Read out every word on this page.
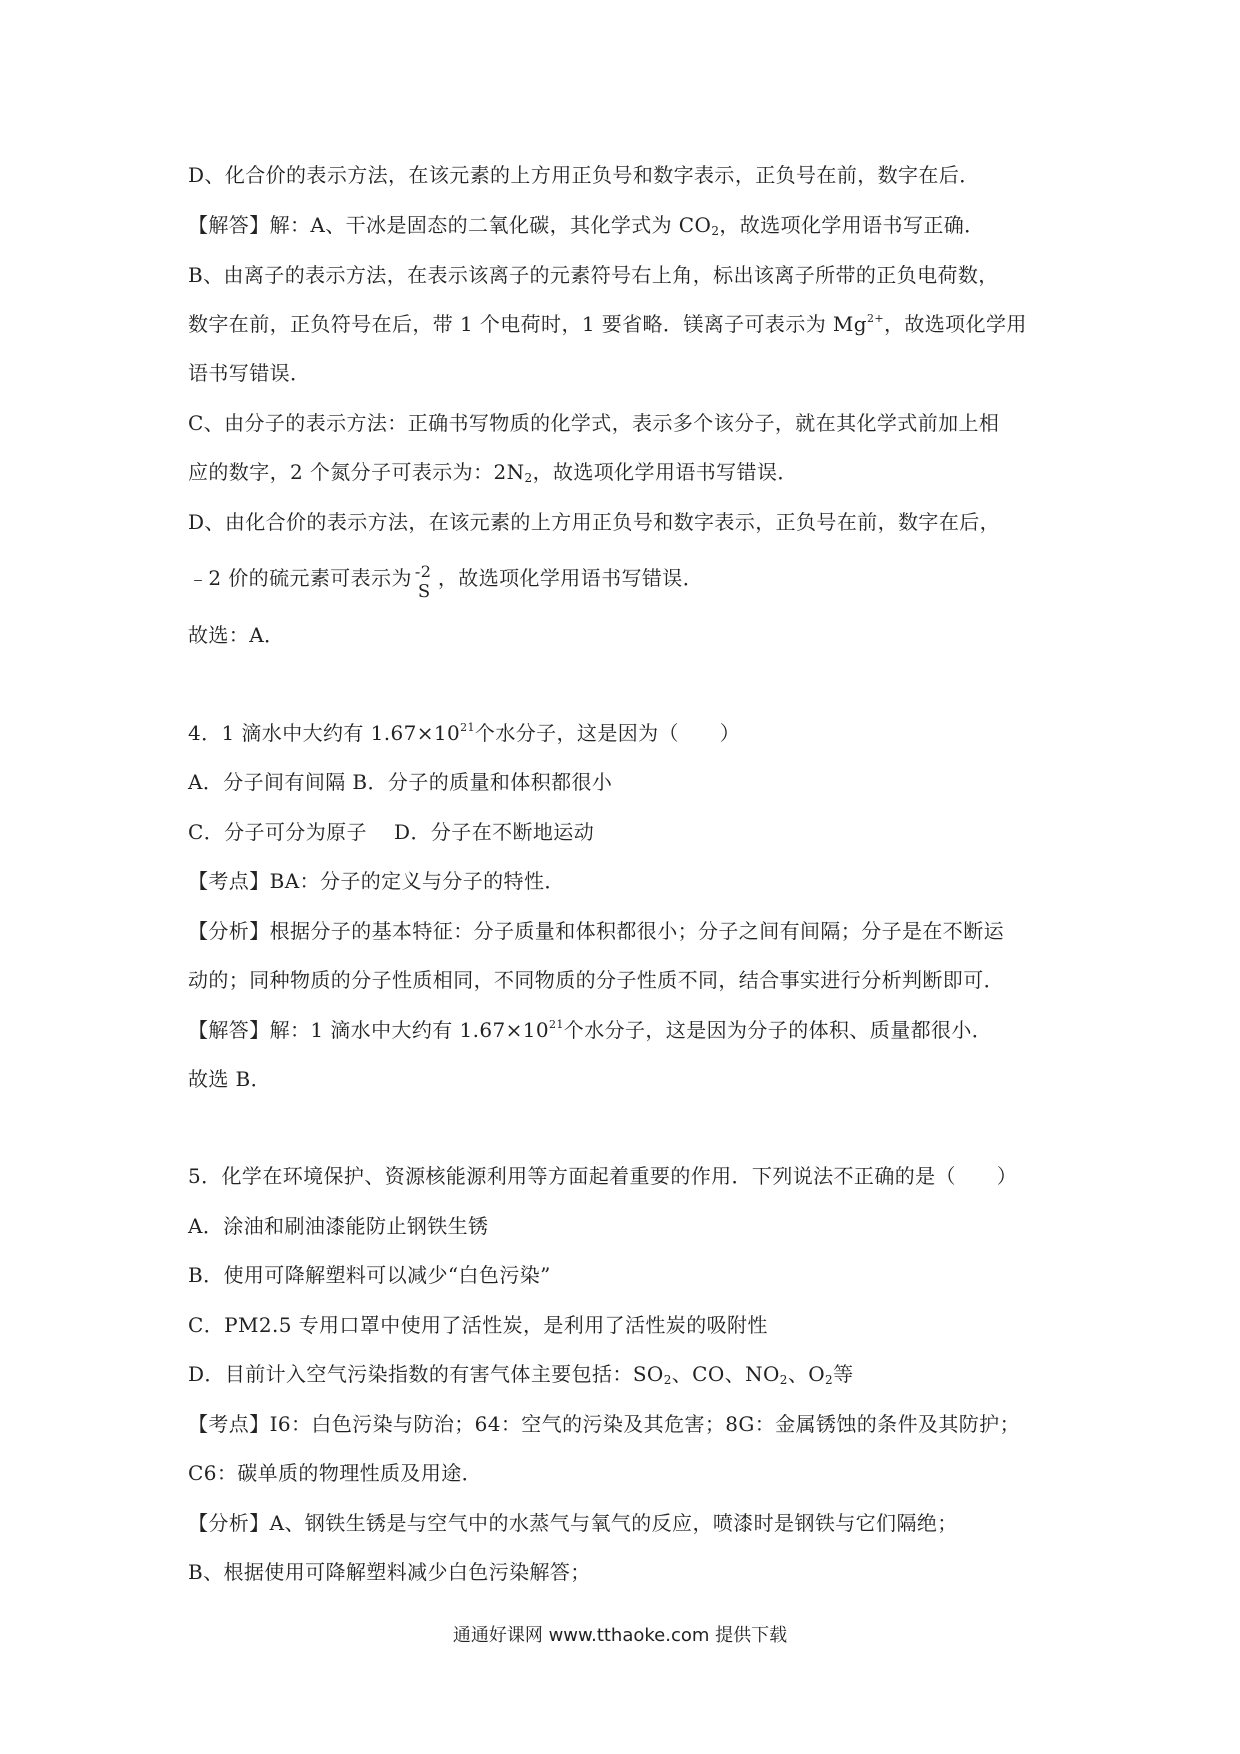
D、化合价的表示方法，在该元素的上方用正负号和数字表示，正负号在前，数字在后．

【解答】解：A、干冰是固态的二氧化碳，其化学式为 $CO_2$，故选项化学用语书写正确．

B、由离子的表示方法，在表示该离子的元素符号右上角，标出该离子所带的正负电荷数，

数字在前，正负符号在后，带 1 个电荷时，1 要省略．镁离子可表示为 $Mg^{2+}$，故选项化学用

语书写错误．

C、由分子的表示方法：正确书写物质的化学式，表示多个该分子，就在其化学式前加上相

应的数字，2 个氮分子可表示为：$2N_2$，故选项化学用语书写错误．

D、由化合价的表示方法，在该元素的上方用正负号和数字表示，正负号在前，数字在后，

﹣2 价的硫元素可表示为 -2
S
，故选项化学用语书写错误．

故选：A．

4．1 滴水中大约有 $1.67\times 10^{21}$个水分子，这是因为（　　）

A．分子间有间隔 B．分子的质量和体积都很小

C．分子可分为原子　 D．分子在不断地运动

【考点】BA：分子的定义与分子的特性．

【分析】根据分子的基本特征：分子质量和体积都很小；分子之间有间隔；分子是在不断运

动的；同种物质的分子性质相同，不同物质的分子性质不同，结合事实进行分析判断即可．

【解答】解：1 滴水中大约有 $1.67\times 10^{21}$个水分子，这是因为分子的体积、质量都很小．

故选 B．

5．化学在环境保护、资源核能源利用等方面起着重要的作用．下列说法不正确的是（　　）

A．涂油和刷油漆能防止钢铁生锈

B．使用可降解塑料可以减少“白色污染”

C．PM2.5 专用口罩中使用了活性炭，是利用了活性炭的吸附性

D．目前计入空气污染指数的有害气体主要包括：$SO_2$、CO、$NO_2$、$O_2$等

【考点】I6：白色污染与防治；64：空气的污染及其危害；8G：金属锈蚀的条件及其防护；

C6：碳单质的物理性质及用途．

【分析】A、钢铁生锈是与空气中的水蒸气与氧气的反应，喷漆时是钢铁与它们隔绝；

B、根据使用可降解塑料减少白色污染解答；

通通好课网 www.tthaoke.com 提供下载
